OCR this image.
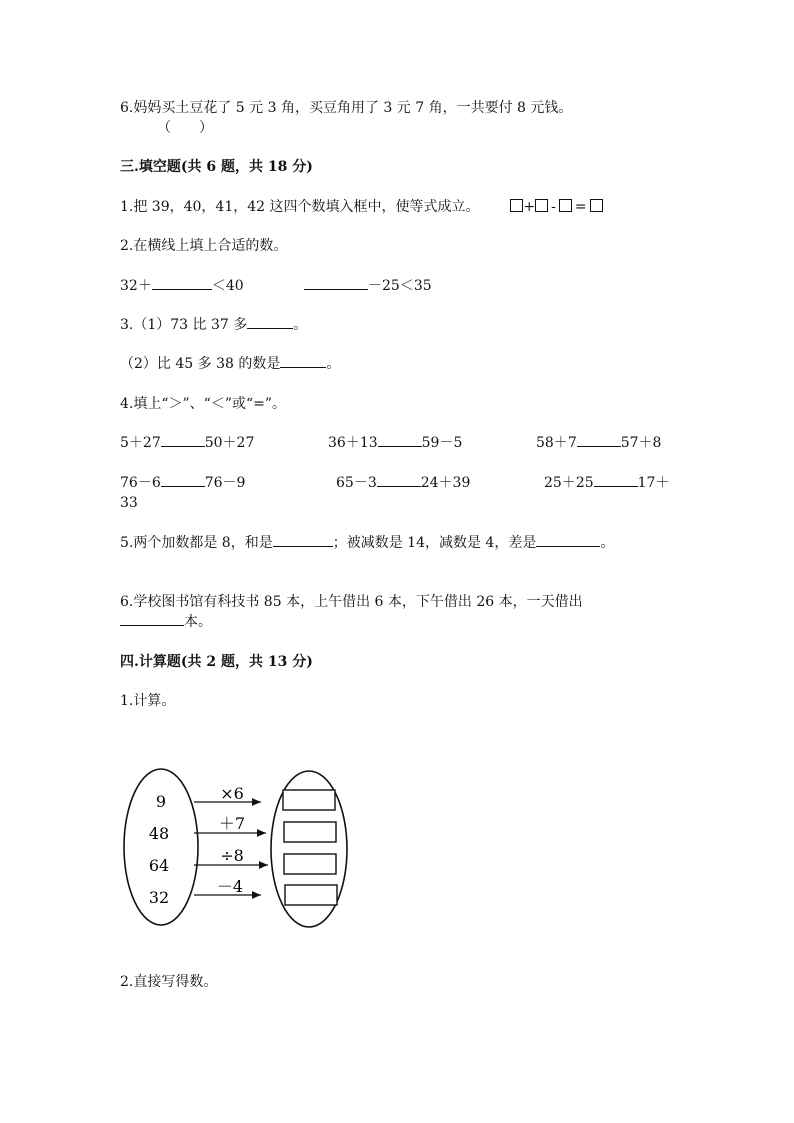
6.妈妈买土豆花了 5 元 3 角，买豆角用了 3 元 7 角，一共要付 8 元钱。
（　　）
三.填空题(共 6 题，共 18 分)
1.把 39，40，41，42 这四个数填入框中，使等式成立。	+ - =
2.在横线上填上合适的数。
32＋	＜40	－25＜35
3.（1）73 比 37 多	。
（2）比 45 多 38 的数是	。
4.填上“＞”、“＜”或“=”。
5＋27	50＋27	36＋13	59－5	58＋7	57＋8
76－6	76－9	65－3	24＋39	25＋25	17＋
33
5.两个加数都是 8，和是	；被减数是 14，减数是 4，差是	。
6.学校图书馆有科技书 85 本，上午借出 6 本，下午借出 26 本，一天借出
本。
四.计算题(共 2 题，共 13 分)
1.计算。
9
48
64
32
×6
＋7
÷8
－4
2.直接写得数。
